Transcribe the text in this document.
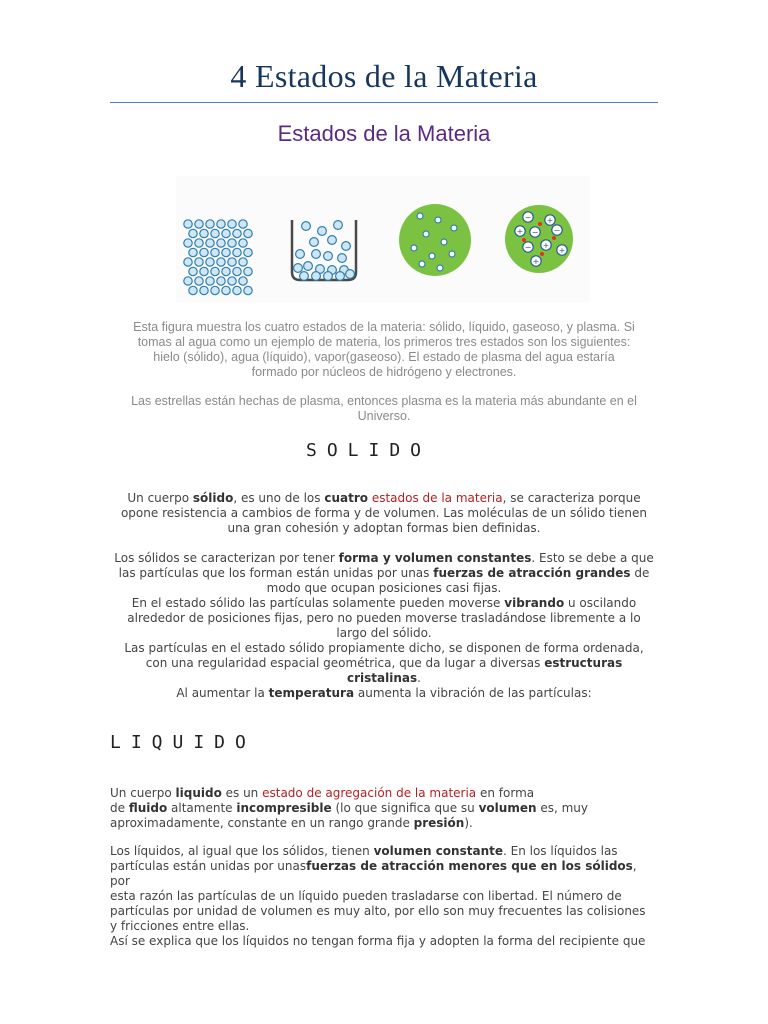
4 Estados de la Materia
Estados de la Materia
− +
+ − −
− +
+
+
Esta figura muestra los cuatro estados de la materia: sólido, líquido, gaseoso, y plasma. Si
tomas al agua como un ejemplo de materia, los primeros tres estados son los siguientes:
hielo (sólido), agua (líquido), vapor(gaseoso). El estado de plasma del agua estaría
formado por núcleos de hidrógeno y electrones.
Las estrellas están hechas de plasma, entonces plasma es la materia más abundante en el
Universo.
SOLIDO
Un cuerpo sólido, es uno de los cuatro estados de la materia, se caracteriza porque
opone resistencia a cambios de forma y de volumen. Las moléculas de un sólido tienen
una gran cohesión y adoptan formas bien definidas.
Los sólidos se caracterizan por tener forma y volumen constantes. Esto se debe a que
las partículas que los forman están unidas por unas fuerzas de atracción grandes de
modo que ocupan posiciones casi fijas.
En el estado sólido las partículas solamente pueden moverse vibrando u oscilando
alrededor de posiciones fijas, pero no pueden moverse trasladándose libremente a lo
largo del sólido.
Las partículas en el estado sólido propiamente dicho, se disponen de forma ordenada,
con una regularidad espacial geométrica, que da lugar a diversas estructuras
cristalinas.
Al aumentar la temperatura aumenta la vibración de las partículas:
LIQUIDO
Un cuerpo liquido es un estado de agregación de la materia en forma
de fluido altamente incompresible (lo que significa que su volumen es, muy
aproximadamente, constante en un rango grande presión).
Los líquidos, al igual que los sólidos, tienen volumen constante. En los líquidos las
partículas están unidas por unasfuerzas de atracción menores que en los sólidos, por
esta razón las partículas de un líquido pueden trasladarse con libertad. El número de
partículas por unidad de volumen es muy alto, por ello son muy frecuentes las colisiones
y fricciones entre ellas.
Así se explica que los líquidos no tengan forma fija y adopten la forma del recipiente que
